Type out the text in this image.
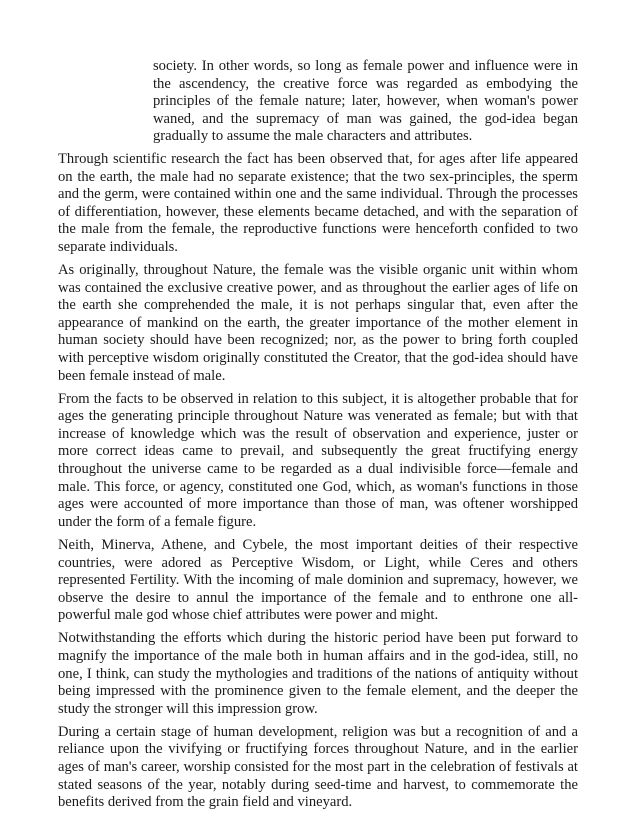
society. In other words, so long as female power and influence were in the ascendency, the creative force was regarded as embodying the principles of the female nature; later, however, when woman's power waned, and the supremacy of man was gained, the god-idea began gradually to assume the male characters and attributes.

Through scientific research the fact has been observed that, for ages after life appeared on the earth, the male had no separate existence; that the two sex-principles, the sperm and the germ, were contained within one and the same individual. Through the processes of differentiation, however, these elements became detached, and with the separation of the male from the female, the reproductive functions were henceforth confided to two separate individuals.

As originally, throughout Nature, the female was the visible organic unit within whom was contained the exclusive creative power, and as throughout the earlier ages of life on the earth she comprehended the male, it is not perhaps singular that, even after the appearance of mankind on the earth, the greater importance of the mother element in human society should have been recognized; nor, as the power to bring forth coupled with perceptive wisdom originally constituted the Creator, that the god-idea should have been female instead of male.

From the facts to be observed in relation to this subject, it is altogether probable that for ages the generating principle throughout Nature was venerated as female; but with that increase of knowledge which was the result of observation and experience, juster or more correct ideas came to prevail, and subsequently the great fructifying energy throughout the universe came to be regarded as a dual indivisible force—female and male. This force, or agency, constituted one God, which, as woman's functions in those ages were accounted of more importance than those of man, was oftener worshipped under the form of a female figure.

Neith, Minerva, Athene, and Cybele, the most important deities of their respective countries, were adored as Perceptive Wisdom, or Light, while Ceres and others represented Fertility. With the incoming of male dominion and supremacy, however, we observe the desire to annul the importance of the female and to enthrone one all-powerful male god whose chief attributes were power and might.

Notwithstanding the efforts which during the historic period have been put forward to magnify the importance of the male both in human affairs and in the god-idea, still, no one, I think, can study the mythologies and traditions of the nations of antiquity without being impressed with the prominence given to the female element, and the deeper the study the stronger will this impression grow.

During a certain stage of human development, religion was but a recognition of and a reliance upon the vivifying or fructifying forces throughout Nature, and in the earlier ages of man's career, worship consisted for the most part in the celebration of festivals at stated seasons of the year, notably during seed-time and harvest, to commemorate the benefits derived from the grain field and vineyard.
